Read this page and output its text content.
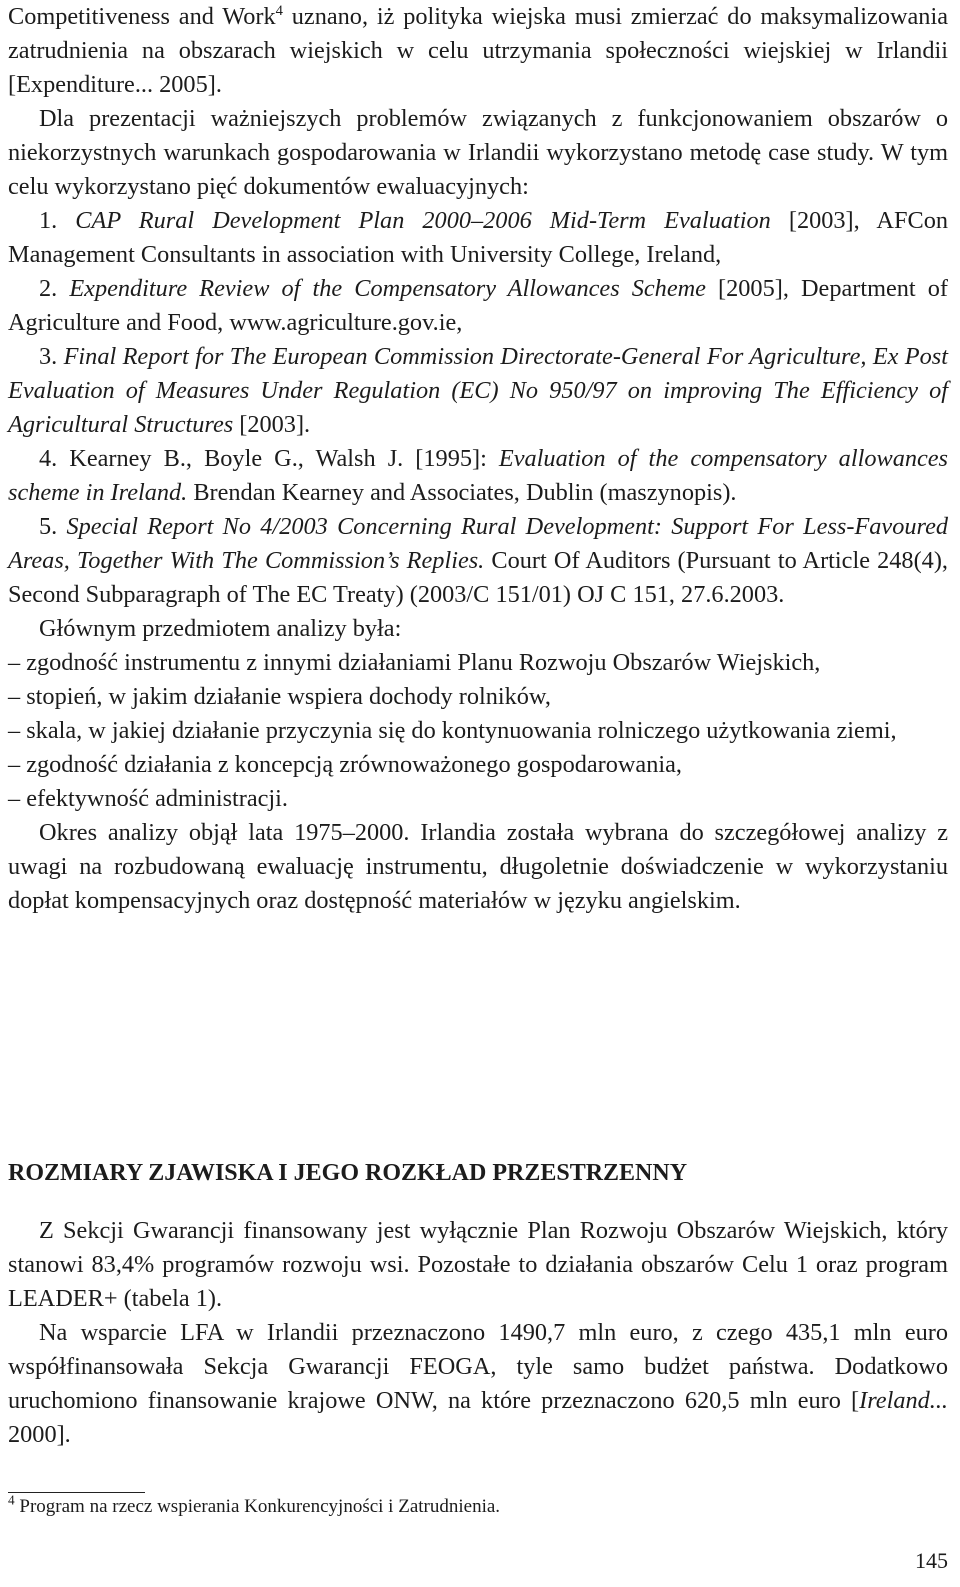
Competitiveness and Work$^4$ uznano, iż polityka wiejska musi zmierzać do maksymalizowania zatrudnienia na obszarach wiejskich w celu utrzymania społeczności wiejskiej w Irlandii [Expenditure... 2005].

Dla prezentacji ważniejszych problemów związanych z funkcjonowaniem obszarów o niekorzystnych warunkach gospodarowania w Irlandii wykorzystano metodę case study. W tym celu wykorzystano pięć dokumentów ewaluacyjnych:

1. CAP Rural Development Plan 2000–2006 Mid-Term Evaluation [2003], AFCon Management Consultants in association with University College, Ireland,

2. Expenditure Review of the Compensatory Allowances Scheme [2005], Department of Agriculture and Food, www.agriculture.gov.ie,

3. Final Report for The European Commission Directorate-General For Agriculture, Ex Post Evaluation of Measures Under Regulation (EC) No 950/97 on improving The Efficiency of Agricultural Structures [2003].

4. Kearney B., Boyle G., Walsh J. [1995]: Evaluation of the compensatory allowances scheme in Ireland. Brendan Kearney and Associates, Dublin (maszynopis).

5. Special Report No 4/2003 Concerning Rural Development: Support For Less-Favoured Areas, Together With The Commission’s Replies. Court Of Auditors (Pursuant to Article 248(4), Second Subparagraph of The EC Treaty) (2003/C 151/01) OJ C 151, 27.6.2003.

Głównym przedmiotem analizy była:

– zgodność instrumentu z innymi działaniami Planu Rozwoju Obszarów Wiejskich,

– stopień, w jakim działanie wspiera dochody rolników,

– skala, w jakiej działanie przyczynia się do kontynuowania rolniczego użytkowania ziemi,

– zgodność działania z koncepcją zrównoważonego gospodarowania,

– efektywność administracji.

Okres analizy objął lata 1975–2000. Irlandia została wybrana do szczegółowej analizy z uwagi na rozbudowaną ewaluację instrumentu, długoletnie doświadczenie w wykorzystaniu dopłat kompensacyjnych oraz dostępność materiałów w języku angielskim.

ROZMIARY ZJAWISKA I JEGO ROZKŁAD PRZESTRZENNY

Z Sekcji Gwarancji finansowany jest wyłącznie Plan Rozwoju Obszarów Wiejskich, który stanowi 83,4% programów rozwoju wsi. Pozostałe to działania obszarów Celu 1 oraz program LEADER+ (tabela 1).

Na wsparcie LFA w Irlandii przeznaczono 1490,7 mln euro, z czego 435,1 mln euro współfinansowała Sekcja Gwarancji FEOGA, tyle samo budżet państwa. Dodatkowo uruchomiono finansowanie krajowe ONW, na które przeznaczono 620,5 mln euro [Ireland... 2000].

$^4$ Program na rzecz wspierania Konkurencyjności i Zatrudnienia.
145
